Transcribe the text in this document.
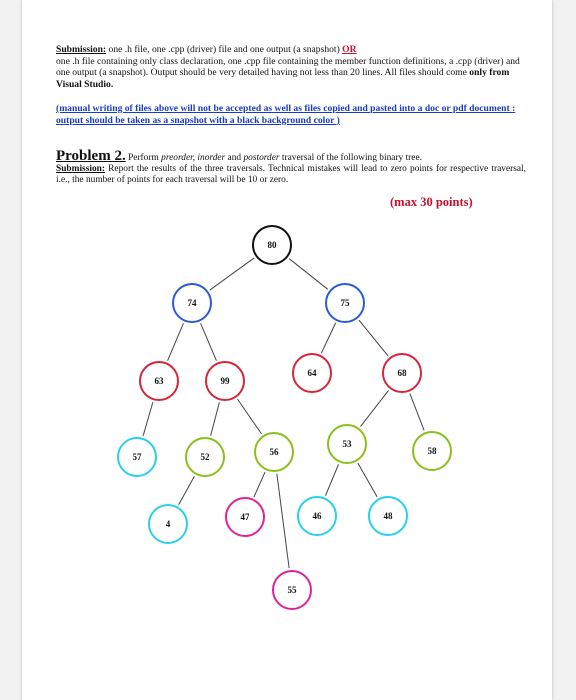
Submission: one .h file, one .cpp (driver) file and one output (a snapshot) OR
one .h file containing only class declaration, one .cpp file containing the member function definitions, a .cpp (driver) and one output (a snapshot). Output should be very detailed having not less than 20 lines. All files should come only from Visual Studio.
(manual writing of files above will not be accepted as well as files copied and pasted into a doc or pdf document : output should be taken as a snapshot with a black background color )
Problem 2. Perform preorder, inorder and postorder traversal of the following binary tree.
Submission: Report the results of the three traversals. Technical mistakes will lead to zero points for respective traversal, i.e., the number of points for each traversal will be 10 or zero.
(max 30 points)
80
74	75
63	99
64	68
57	52	56
53
58
4
47	46	48
55
